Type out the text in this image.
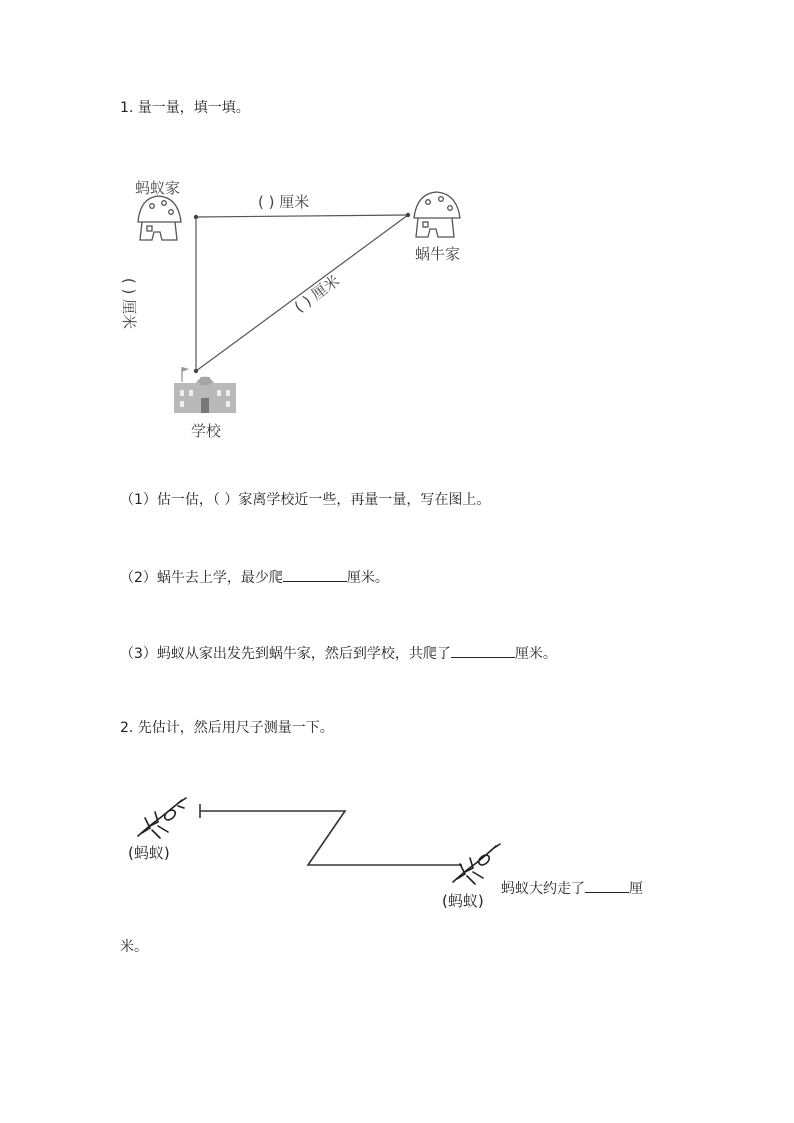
1. 量一量，填一填。
蚂蚁家
蜗牛家
学校
( ) 厘米
( ) 厘米	( ) 厘米
（1）估一估，（ ）家离学校近一些，再量一量，写在图上。
（2）蜗牛去上学，最少爬	厘米。
（3）蚂蚁从家出发先到蜗牛家，然后到学校，共爬了	厘米。
2. 先估计，然后用尺子测量一下。
(蚂蚁)
(蚂蚁)
蚂蚁大约走了	厘
米。
